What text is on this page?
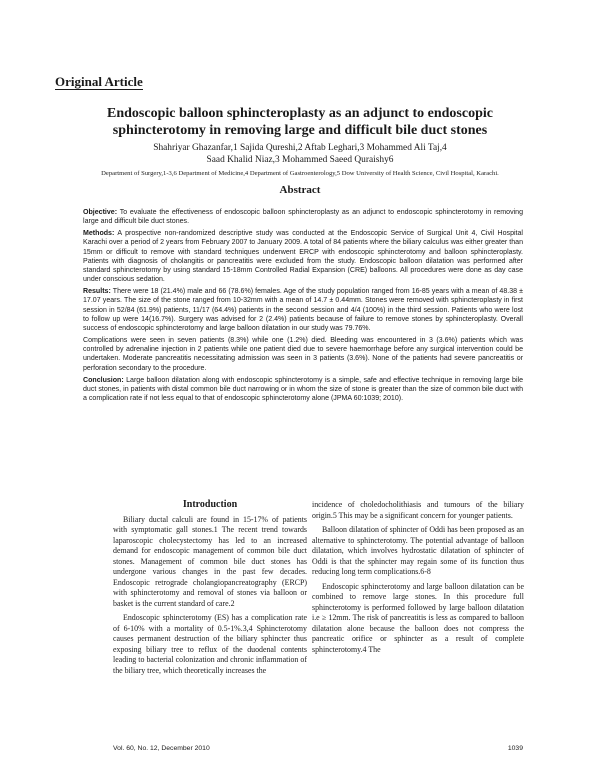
Original Article
Endoscopic balloon sphincteroplasty as an adjunct to endoscopic sphincterotomy in removing large and difficult bile duct stones
Shahriyar Ghazanfar,1 Sajida Qureshi,2 Aftab Leghari,3 Mohammed Ali Taj,4
Saad Khalid Niaz,3 Mohammed Saeed Quraishy6
Department of Surgery,1-3,6 Department of Medicine,4 Department of Gastroenterology,5 Dow University of Health Science, Civil Hospital, Karachi.
Abstract

Objective: To evaluate the effectiveness of endoscopic balloon sphincteroplasty as an adjunct to endoscopic sphincterotomy in removing large and difficult bile duct stones.

Methods: A prospective non-randomized descriptive study was conducted at the Endoscopic Service of Surgical Unit 4, Civil Hospital Karachi over a period of 2 years from February 2007 to January 2009. A total of 84 patients where the biliary calculus was either greater than 15mm or difficult to remove with standard techniques underwent ERCP with endoscopic sphincterotomy and balloon sphincteroplasty. Patients with diagnosis of cholangitis or pancreatitis were excluded from the study. Endoscopic balloon dilatation was performed after standard sphincterotomy by using standard 15-18mm Controlled Radial Expansion (CRE) balloons. All procedures were done as day case under conscious sedation.

Results: There were 18 (21.4%) male and 66 (78.6%) females. Age of the study population ranged from 16-85 years with a mean of 48.38 ± 17.07 years. The size of the stone ranged from 10-32mm with a mean of 14.7 ± 0.44mm. Stones were removed with sphincteroplasty in first session in 52/84 (61.9%) patients, 11/17 (64.4%) patients in the second session and 4/4 (100%) in the third session. Patients who were lost to follow up were 14(16.7%). Surgery was advised for 2 (2.4%) patients because of failure to remove stones by sphincteroplasty. Overall success of endoscopic sphincterotomy and large balloon dilatation in our study was 79.76%.

Complications were seen in seven patients (8.3%) while one (1.2%) died. Bleeding was encountered in 3 (3.6%) patients which was controlled by adrenaline injection in 2 patients while one patient died due to severe haemorrhage before any surgical intervention could be undertaken. Moderate pancreatitis necessitating admission was seen in 3 patients (3.6%). None of the patients had severe pancreatitis or perforation secondary to the procedure.

Conclusion: Large balloon dilatation along with endoscopic sphincterotomy is a simple, safe and effective technique in removing large bile duct stones, in patients with distal common bile duct narrowing or in whom the size of stone is greater than the size of common bile duct with a complication rate if not less equal to that of endoscopic sphincterotomy alone (JPMA 60:1039; 2010).

Introduction

Biliary ductal calculi are found in 15-17% of patients with symptomatic gall stones.1 The recent trend towards laparoscopic cholecystectomy has led to an increased demand for endoscopic management of common bile duct stones. Management of common bile duct stones has undergone various changes in the past few decades. Endoscopic retrograde cholangiopancreatography (ERCP) with sphincterotomy and removal of stones via balloon or basket is the current standard of care.2

Endoscopic sphincterotomy (ES) has a complication rate of 6-10% with a mortality of 0.5-1%.3,4 Sphincterotomy causes permanent destruction of the biliary sphincter thus exposing biliary tree to reflux of the duodenal contents leading to bacterial colonization and chronic inflammation of the biliary tree, which theoretically increases the

incidence of choledocholithiasis and tumours of the biliary origin.5 This may be a significant concern for younger patients.

Balloon dilatation of sphincter of Oddi has been proposed as an alternative to sphincterotomy. The potential advantage of balloon dilatation, which involves hydrostatic dilatation of sphincter of Oddi is that the sphincter may regain some of its function thus reducing long term complications.6-8

Endoscopic sphincterotomy and large balloon dilatation can be combined to remove large stones. In this procedure full sphincterotomy is performed followed by large balloon dilatation i.e ≥ 12mm. The risk of pancreatitis is less as compared to balloon dilatation alone because the balloon does not compress the pancreatic orifice or sphincter as a result of complete sphincterotomy.4 The

Vol. 60, No. 12, December 2010	1039
